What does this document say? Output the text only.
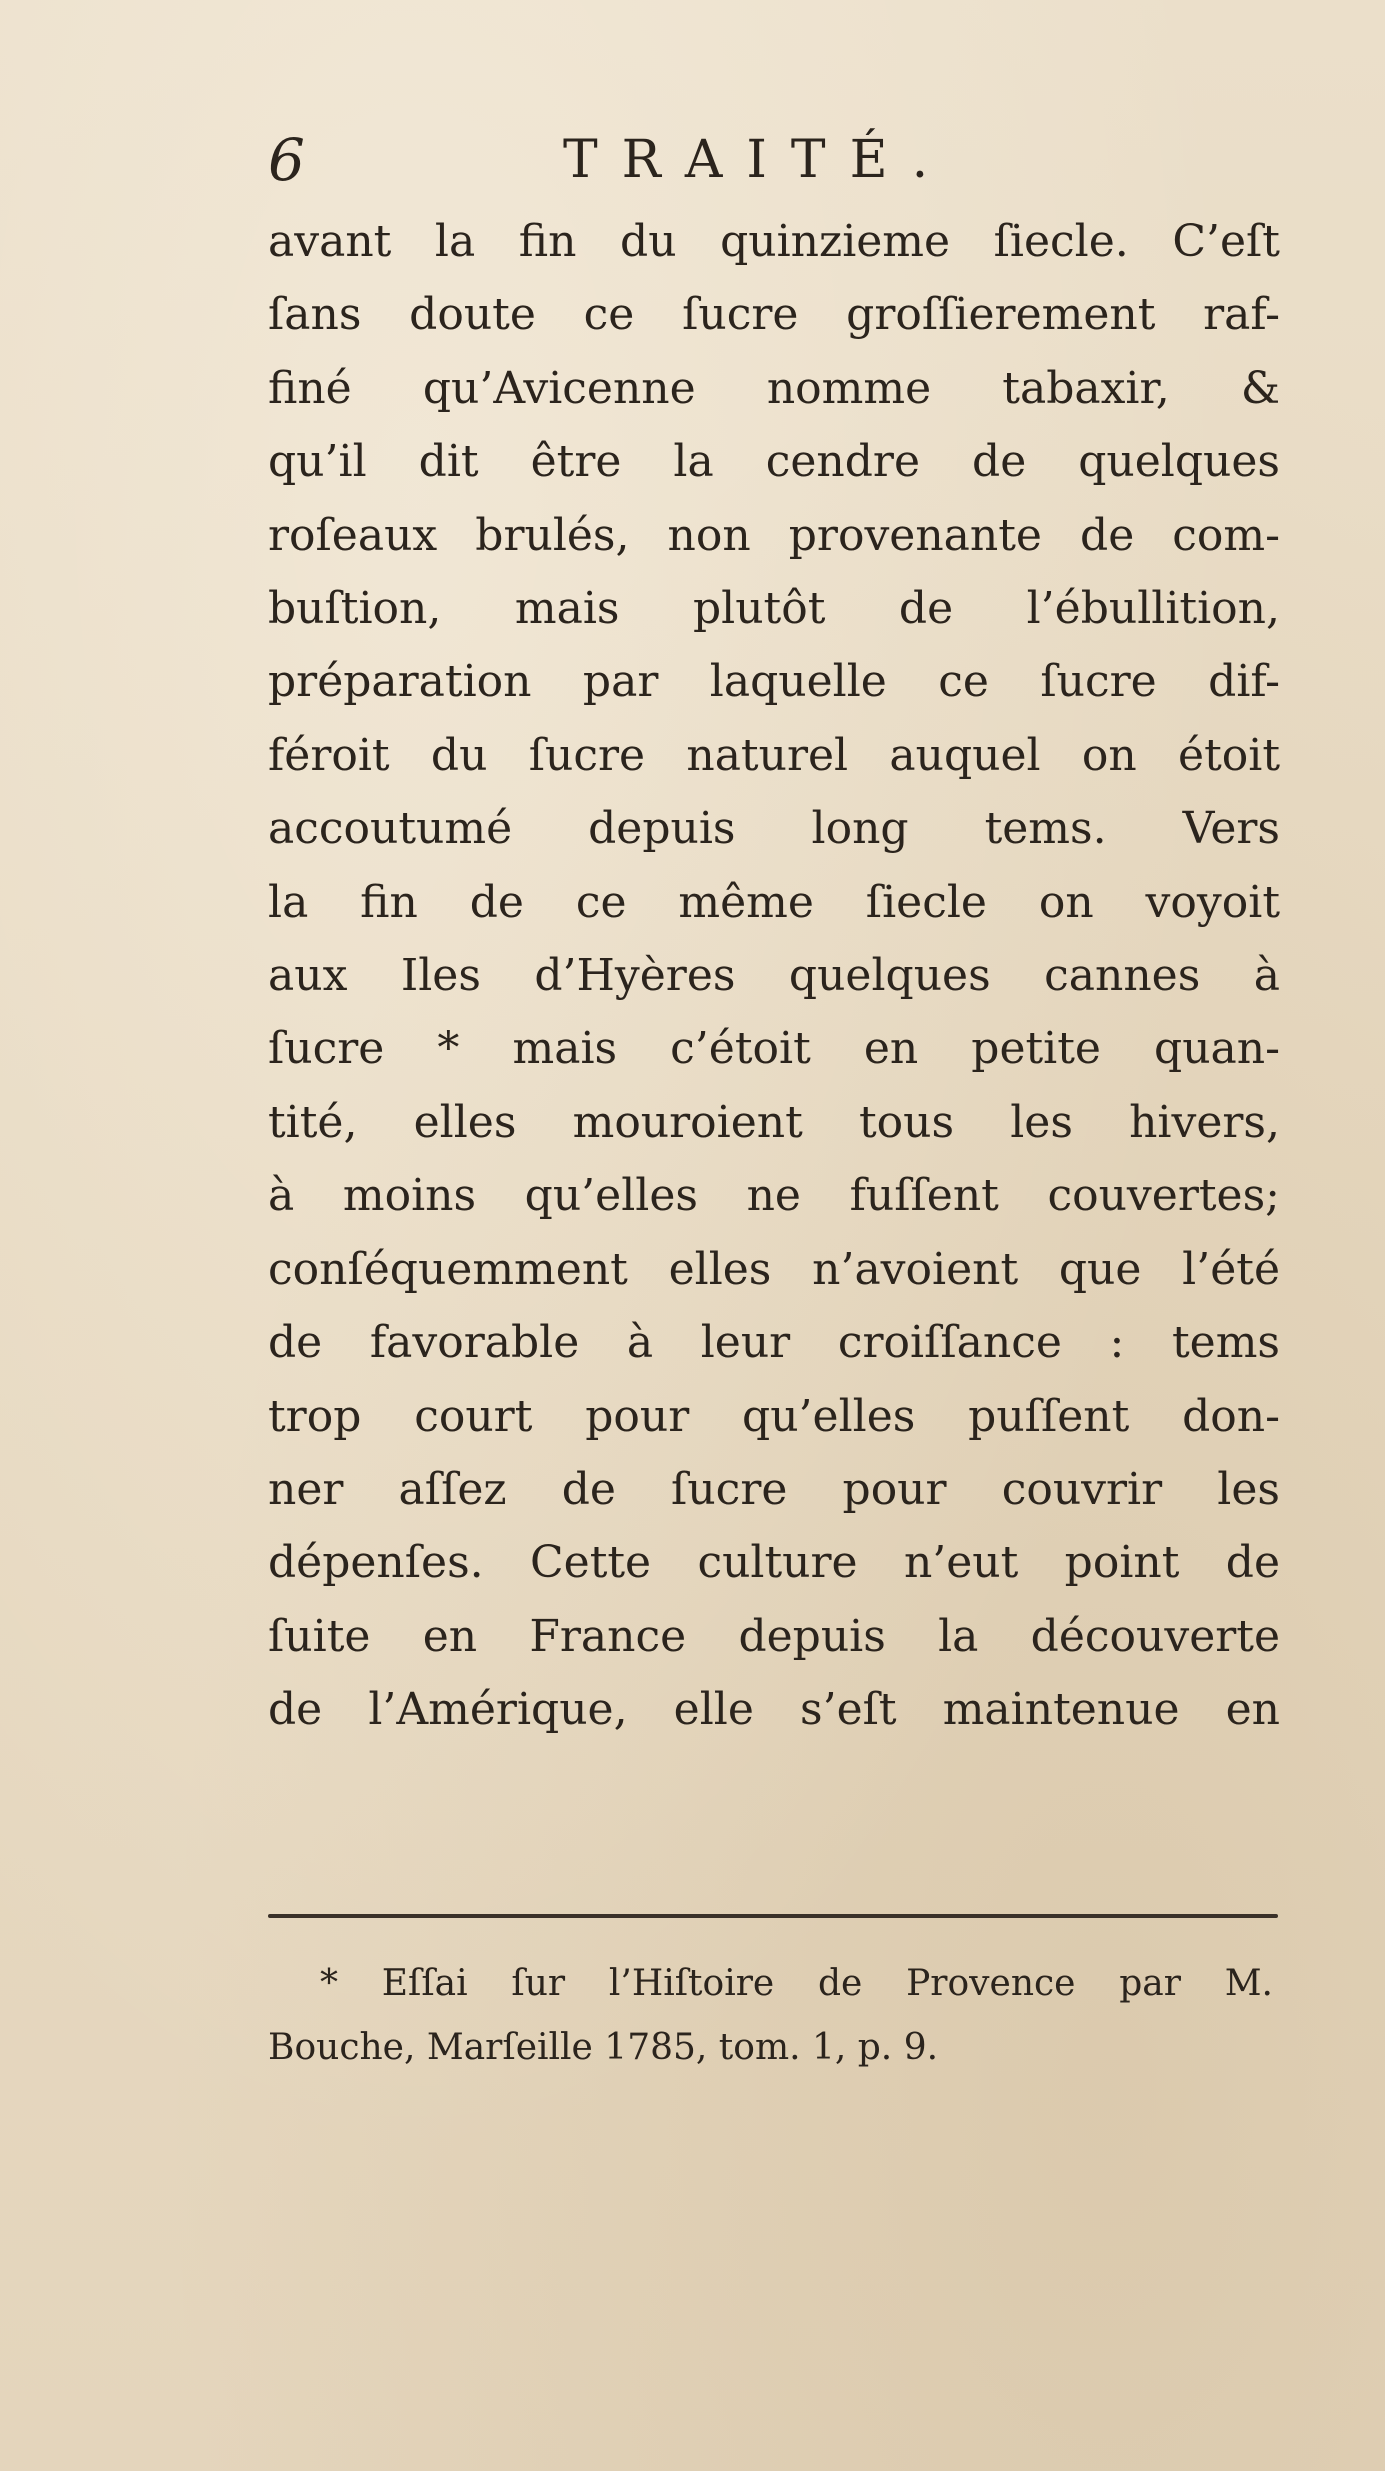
6	TRAITÉ.
avant la fin du quinzieme ſiecle. C’eſt
ſans doute ce ſucre groſſierement raf-
finé qu’Avicenne nomme tabaxir, &
qu’il dit être la cendre de quelques
roſeaux brulés, non provenante de com-
buſtion, mais plutôt de l’ébullition,
préparation par laquelle ce ſucre dif-
féroit du ſucre naturel auquel on étoit
accoutumé depuis long tems. Vers
la fin de ce même ſiecle on voyoit
aux Iles d’Hyères quelques cannes à
ſucre * mais c’étoit en petite quan-
tité, elles mouroient tous les hivers,
à moins qu’elles ne fuſſent couvertes;
conſéquemment elles n’avoient que l’été
de favorable à leur croiſſance : tems
trop court pour qu’elles puſſent don-
ner aſſez de ſucre pour couvrir les
dépenſes. Cette culture n’eut point de
ſuite en France depuis la découverte
de l’Amérique, elle s’eſt maintenue en
* Eſſai ſur l’Hiſtoire de Provence par M.
Bouche, Marſeille 1785, tom. 1, p. 9.
